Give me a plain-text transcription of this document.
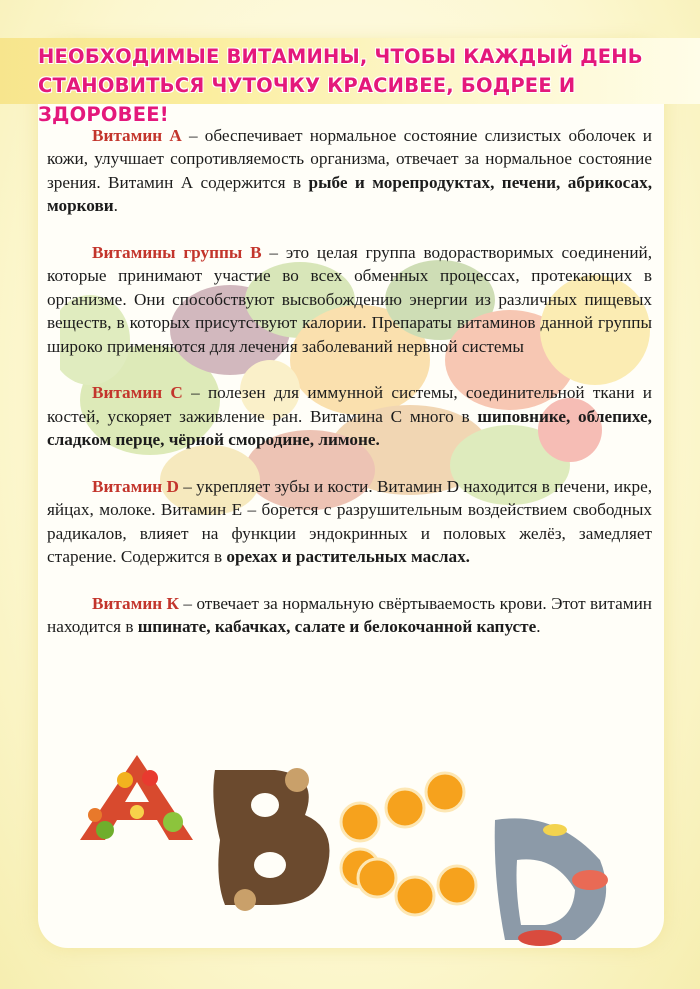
НЕОБХОДИМЫЕ ВИТАМИНЫ, ЧТОБЫ КАЖДЫЙ ДЕНЬ
СТАНОВИТЬСЯ ЧУТОЧКУ КРАСИВЕЕ, БОДРЕЕ И ЗДОРОВЕЕ!

Витамин А – обеспечивает нормальное состояние слизистых оболочек и кожи, улучшает сопротивляемость организма, отвечает за нормальное состояние зрения. Витамин А содержится в рыбе и морепродуктах, печени, абрикосах, моркови.

Витамины группы В – это целая группа водорастворимых соединений, которые принимают участие во всех обменных процессах, протекающих в организме. Они способствуют высвобождению энергии из различных пищевых веществ, в которых присутствуют калории. Препараты витаминов данной группы широко применяются для лечения заболеваний нервной системы

Витамин С – полезен для иммунной системы, соединительной ткани и костей, ускоряет заживление ран. Витамина С много в шиповнике, облепихе, сладком перце, чёрной смородине, лимоне.

Витамин D – укрепляет зубы и кости. Витамин D находится в печени, икре, яйцах, молоке. Витамин Е – борется с разрушительным воздействием свободных радикалов, влияет на функции эндокринных и половых желёз, замедляет старение. Содержится в орехах и растительных маслах.

Витамин К – отвечает за нормальную свёртываемость крови. Этот витамин находится в шпинате, кабачках, салате и белокочанной капусте.
